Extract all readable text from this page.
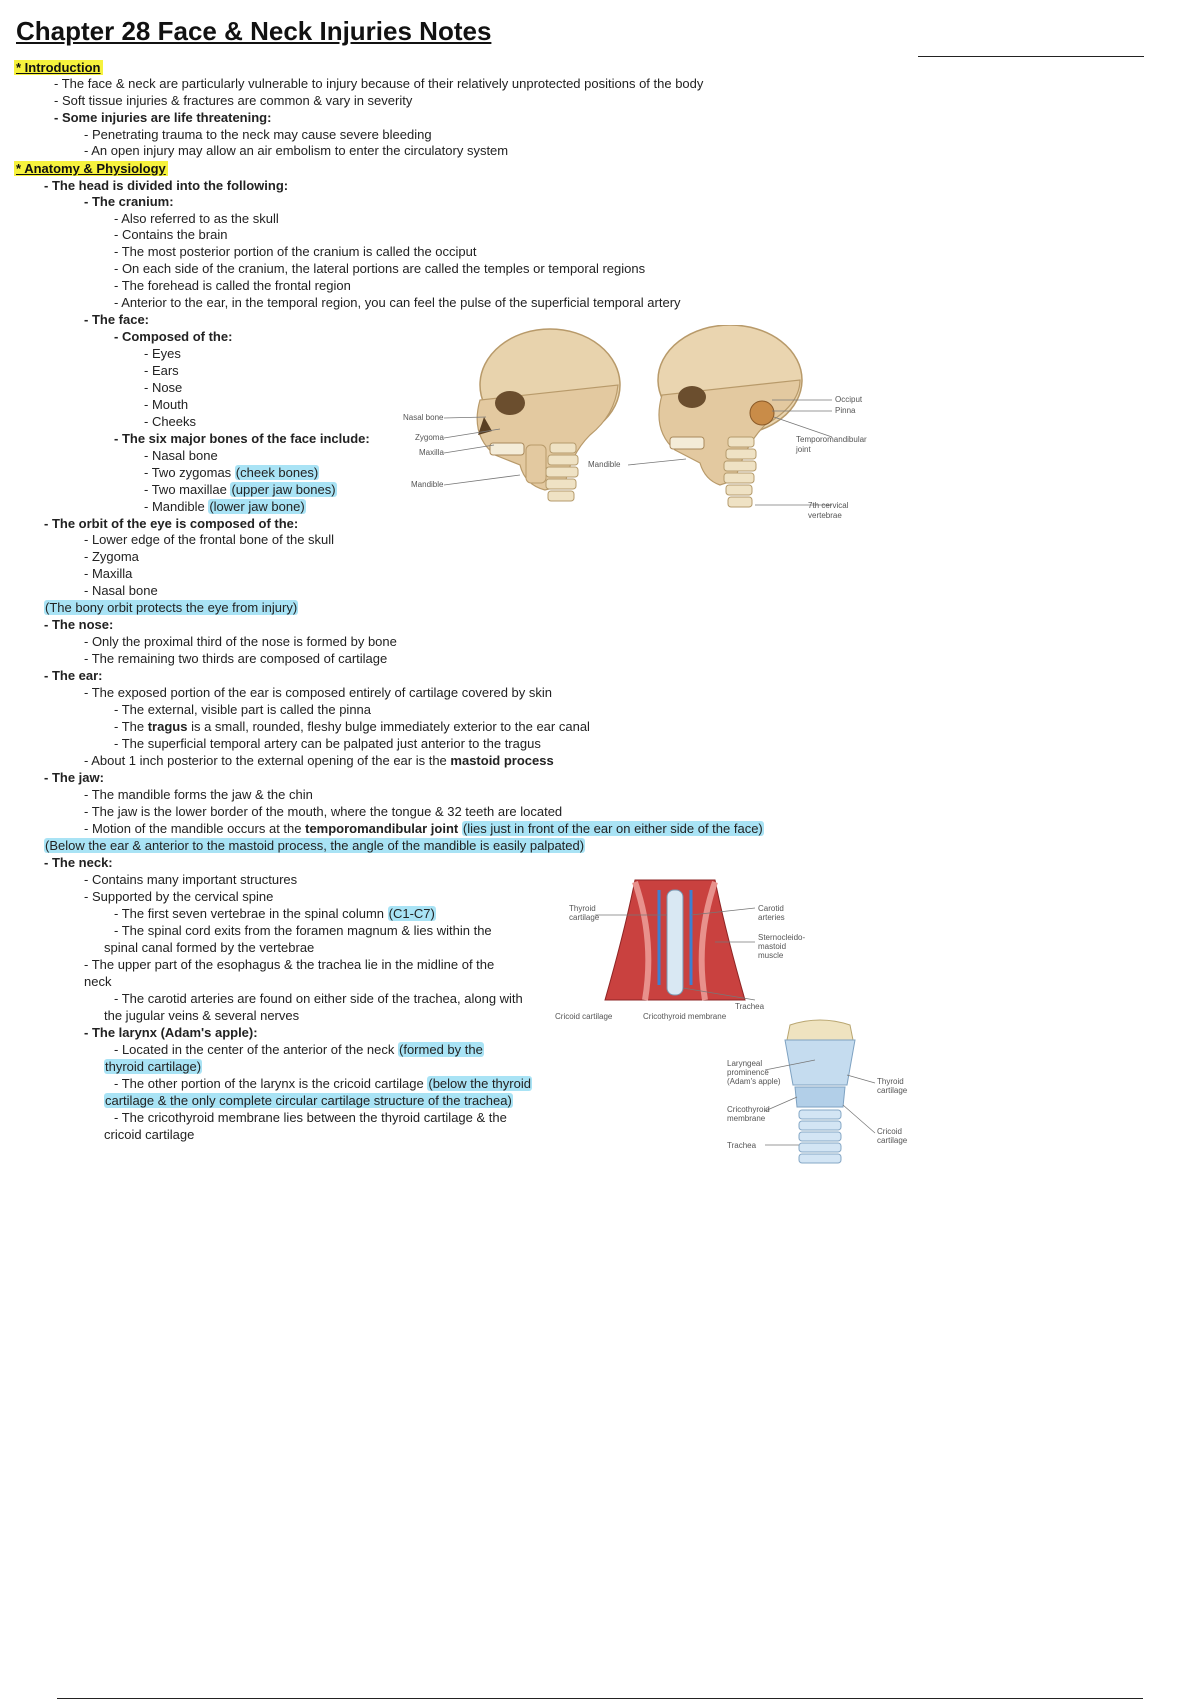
Chapter 28 Face & Neck Injuries Notes
* Introduction
- The face & neck are particularly vulnerable to injury because of their relatively unprotected positions of the body
- Soft tissue injuries & fractures are common & vary in severity
- Some injuries are life threatening:
- Penetrating trauma to the neck may cause severe bleeding
- An open injury may allow an air embolism to enter the circulatory system
* Anatomy & Physiology
- The head is divided into the following:
- The cranium:
- Also referred to as the skull
- Contains the brain
- The most posterior portion of the cranium is called the occiput
- On each side of the cranium, the lateral portions are called the temples or temporal regions
- The forehead is called the frontal region
- Anterior to the ear, in the temporal region, you can feel the pulse of the superficial temporal artery
- The face:
- Composed of the:
- Eyes
- Ears
- Nose
- Mouth
- Cheeks
- The six major bones of the face include:
- Nasal bone
- Two zygomas (cheek bones)
- Two maxillae (upper jaw bones)
- Mandible (lower jaw bone)
- The orbit of the eye is composed of the:
- Lower edge of the frontal bone of the skull
- Zygoma
- Maxilla
- Nasal bone
(The bony orbit protects the eye from injury)
- The nose:
- Only the proximal third of the nose is formed by bone
- The remaining two thirds are composed of cartilage
- The ear:
- The exposed portion of the ear is composed entirely of cartilage covered by skin
- The external, visible part is called the pinna
- The tragus is a small, rounded, fleshy bulge immediately exterior to the ear canal
- The superficial temporal artery can be palpated just anterior to the tragus
- About 1 inch posterior to the external opening of the ear is the mastoid process
- The jaw:
- The mandible forms the jaw & the chin
- The jaw is the lower border of the mouth, where the tongue & 32 teeth are located
- Motion of the mandible occurs at the temporomandibular joint (lies just in front of the ear on either side of the face)
(Below the ear & anterior to the mastoid process, the angle of the mandible is easily palpated)
- The neck:
- Contains many important structures
- Supported by the cervical spine
- The first seven vertebrae in the spinal column (C1-C7)
- The spinal cord exits from the foramen magnum & lies within the
spinal canal formed by the vertebrae
- The upper part of the esophagus & the trachea lie in the midline of the
neck
- The carotid arteries are found on either side of the trachea, along with
the jugular veins & several nerves
- The larynx (Adam's apple):
- Located in the center of the anterior of the neck (formed by the
thyroid cartilage)
- The other portion of the larynx is the cricoid cartilage (below the thyroid
cartilage & the only complete circular cartilage structure of the trachea)
- The cricothyroid membrane lies between the thyroid cartilage & the
cricoid cartilage
Nasal bone
Zygoma
Maxilla
Mandible
Mandible
Occiput
Pinna
Temporomandibular
joint
7th cervical
vertebrae
Thyroid
cartilage
Carotid
arteries
Sternocleido-
mastoid
muscle
Trachea
Cricoid cartilage	Cricothyroid membrane
Laryngeal
prominence
(Adam's apple)	Thyroid
cartilage
Cricothyroid
membrane
Cricoid
cartilage
Trachea
